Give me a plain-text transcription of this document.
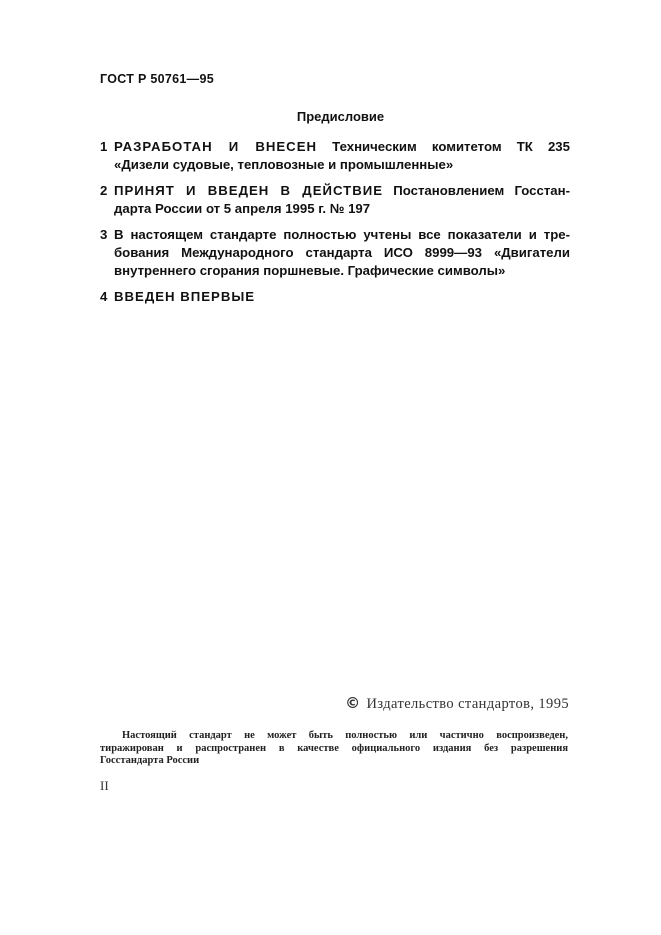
ГОСТ Р 50761—95
Предисловие
1 РАЗРАБОТАН И ВНЕСЕН Техническим комитетом ТК 235
«Дизели судовые, тепловозные и промышленные»
2 ПРИНЯТ И ВВЕДЕН В ДЕЙСТВИЕ Постановлением Госстан-
дарта России от 5 апреля 1995 г. № 197
3 В настоящем стандарте полностью учтены все показатели и тре-
бования Международного стандарта ИСО 8999—93 «Двигатели
внутреннего сгорания поршневые. Графические символы»
4 ВВЕДЕН ВПЕРВЫЕ
© Издательство стандартов, 1995
Настоящий стандарт не может быть полностью или частично воспроизведен,
тиражирован и распространен в качестве официального издания без разрешения
Госстандарта России
II
